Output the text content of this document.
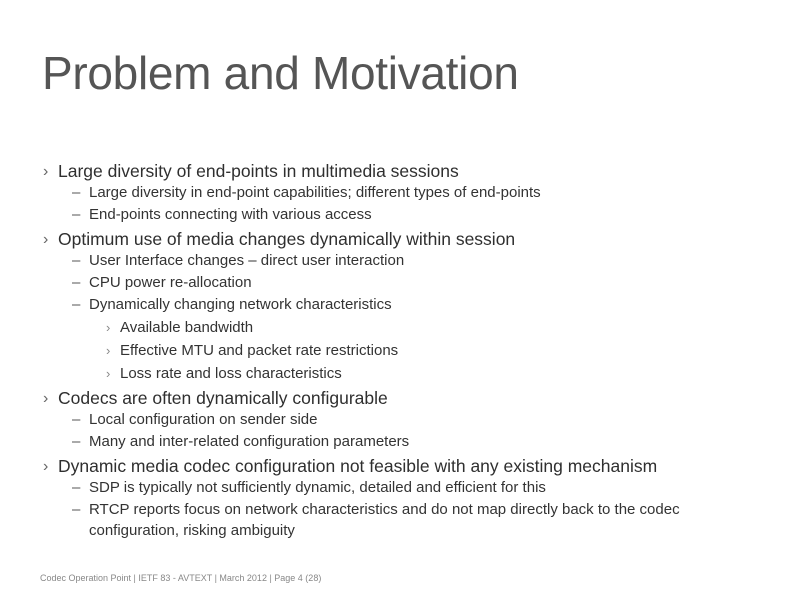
Problem and Motivation
› Large diversity of end-points in multimedia sessions
– Large diversity in end-point capabilities; different types of end-points
– End-points connecting with various access
› Optimum use of media changes dynamically within session
– User Interface changes – direct user interaction
– CPU power re-allocation
– Dynamically changing network characteristics
› Available bandwidth
› Effective MTU and packet rate restrictions
› Loss rate and loss characteristics
› Codecs are often dynamically configurable
– Local configuration on sender side
– Many and inter-related configuration parameters
› Dynamic media codec configuration not feasible with any existing mechanism
– SDP is typically not sufficiently dynamic, detailed and efficient for this
– RTCP reports focus on network characteristics and do not map directly back to the codec configuration, risking ambiguity
Codec Operation Point | IETF 83 - AVTEXT | March 2012 | Page 4 (28)
